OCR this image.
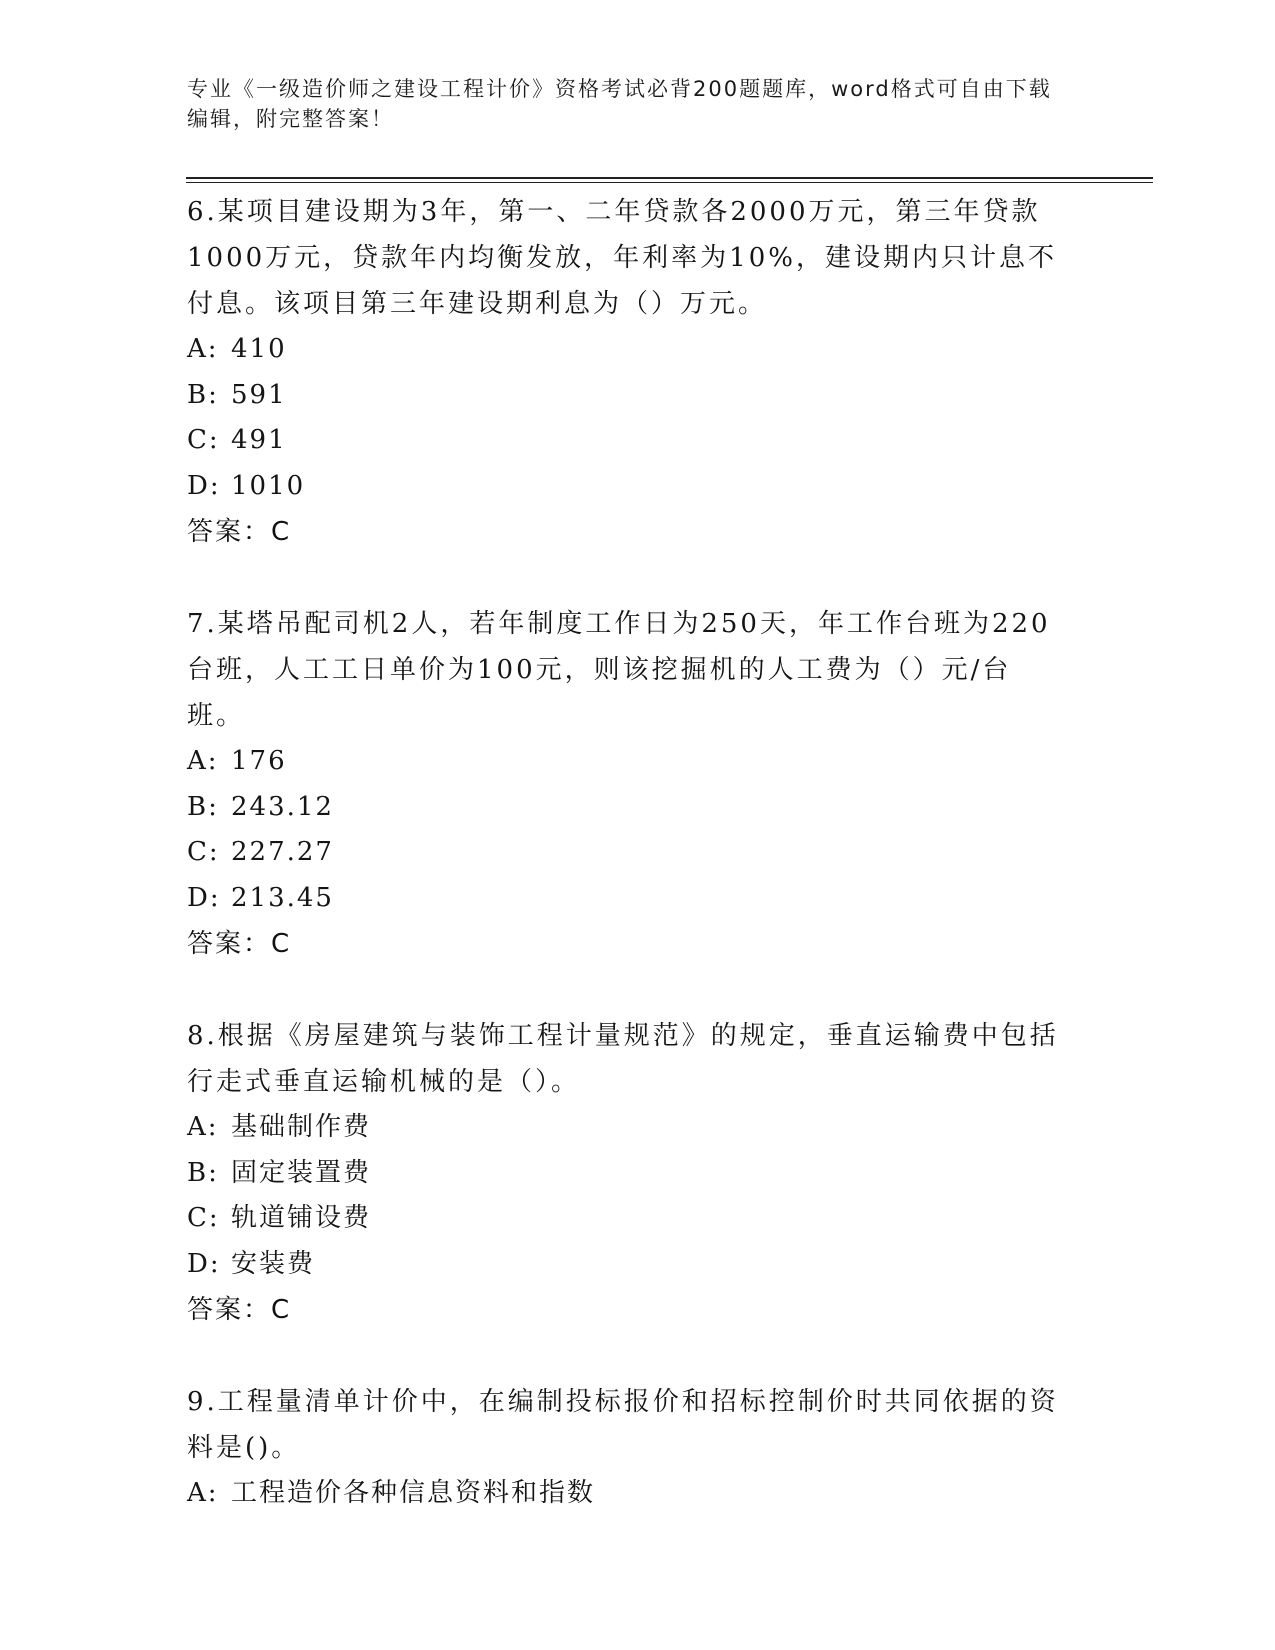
专业《一级造价师之建设工程计价》资格考试必背200题题库，word格式可自由下载编辑，附完整答案！
6.某项目建设期为3年，第一、二年贷款各2000万元，第三年贷款1000万元，贷款年内均衡发放，年利率为10%，建设期内只计息不付息。该项目第三年建设期利息为（）万元。
A: 410
B: 591
C: 491
D: 1010
答案：C
7.某塔吊配司机2人，若年制度工作日为250天，年工作台班为220台班，人工工日单价为100元，则该挖掘机的人工费为（）元/台班。
A: 176
B: 243.12
C: 227.27
D: 213.45
答案：C
8.根据《房屋建筑与装饰工程计量规范》的规定，垂直运输费中包括行走式垂直运输机械的是（）。
A: 基础制作费
B: 固定装置费
C: 轨道铺设费
D: 安装费
答案：C
9.工程量清单计价中，在编制投标报价和招标控制价时共同依据的资料是()。
A: 工程造价各种信息资料和指数
